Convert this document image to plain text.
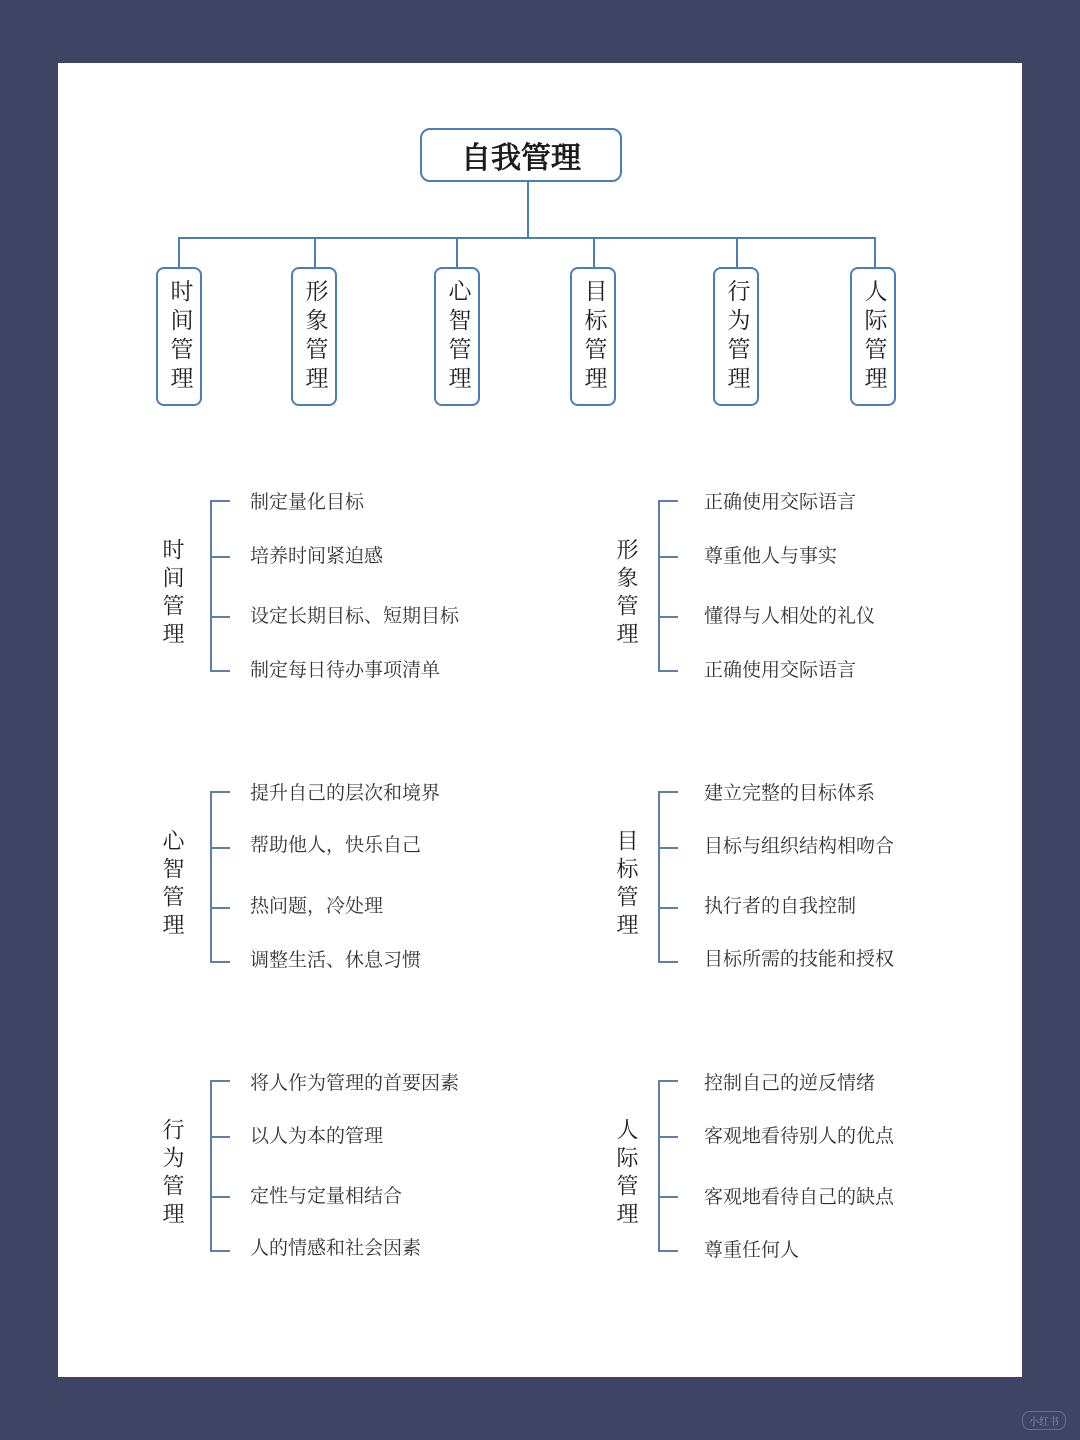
自我管理
时间管理	形象管理	心智管理	目标管理	行为管理	人际管理
时间管理
制定量化目标
培养时间紧迫感
设定长期目标、短期目标
制定每日待办事项清单
形象管理
正确使用交际语言
尊重他人与事实
懂得与人相处的礼仪
正确使用交际语言
心智管理
提升自己的层次和境界
帮助他人，快乐自己
热问题，冷处理
调整生活、休息习惯
目标管理
建立完整的目标体系
目标与组织结构相吻合
执行者的自我控制
目标所需的技能和授权
行为管理
将人作为管理的首要因素
以人为本的管理
定性与定量相结合
人的情感和社会因素
人际管理
控制自己的逆反情绪
客观地看待别人的优点
客观地看待自己的缺点
尊重任何人
小红书
